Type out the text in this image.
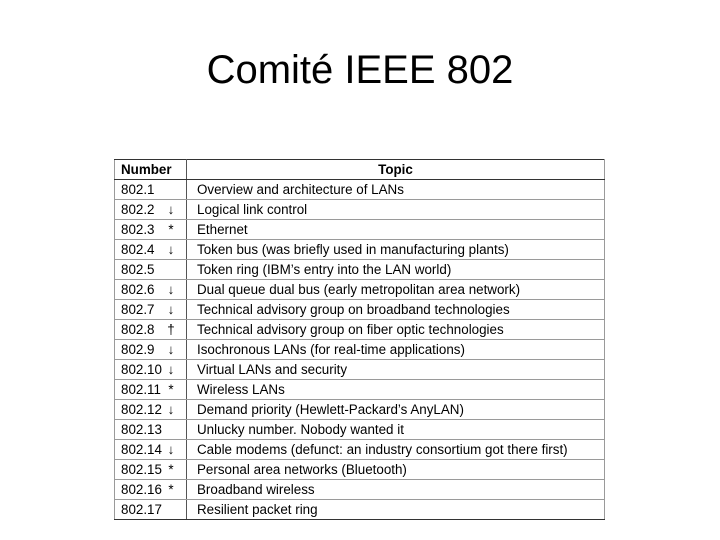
Comité IEEE 802
Number	Topic
802.1	Overview and architecture of LANs
802.2 ↓	Logical link control
802.3 *	Ethernet
802.4 ↓	Token bus (was briefly used in manufacturing plants)
802.5	Token ring (IBM’s entry into the LAN world)
802.6 ↓	Dual queue dual bus (early metropolitan area network)
802.7 ↓	Technical advisory group on broadband technologies
802.8 †	Technical advisory group on fiber optic technologies
802.9 ↓	Isochronous LANs (for real-time applications)
802.10 ↓	Virtual LANs and security
802.11 *	Wireless LANs
802.12 ↓	Demand priority (Hewlett-Packard’s AnyLAN)
802.13	Unlucky number. Nobody wanted it
802.14 ↓	Cable modems (defunct: an industry consortium got there first)
802.15 *	Personal area networks (Bluetooth)
802.16 *	Broadband wireless
802.17	Resilient packet ring
